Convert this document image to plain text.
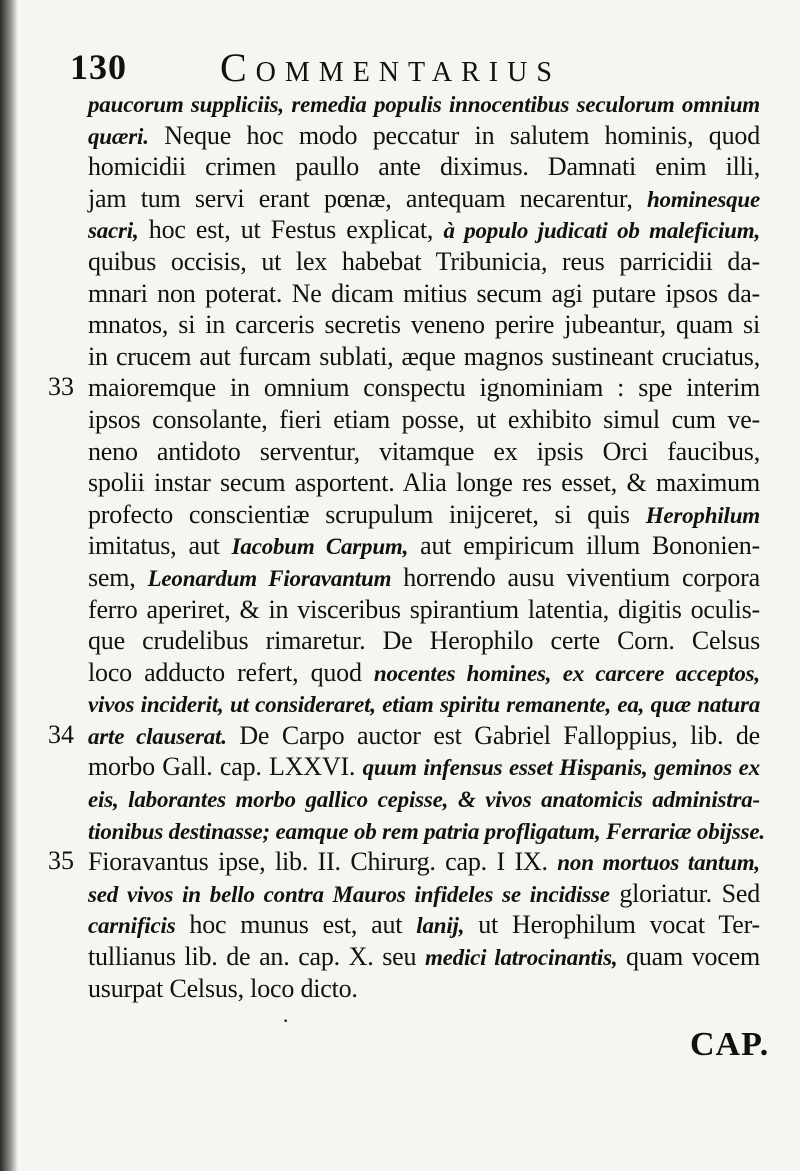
130 Commentarius
paucorum suppliciis, remedia populis innocentibus seculorum omnium
quæri. Neque hoc modo peccatur in salutem hominis, quod
homicidii crimen paullo ante diximus. Damnati enim illi,
jam tum servi erant pœnæ, antequam necarentur, hominesque
sacri, hoc est, ut Festus explicat, à populo judicati ob maleficium,
quibus occisis, ut lex habebat Tribunicia, reus parricidii da-
mnari non poterat. Ne dicam mitius secum agi putare ipsos da-
mnatos, si in carceris secretis veneno perire jubeantur, quam si
in crucem aut furcam sublati, æque magnos sustineant cruciatus,
maioremque in omnium conspectu ignominiam : spe interim
ipsos consolante, fieri etiam posse, ut exhibito simul cum ve-
neno antidoto serventur, vitamque ex ipsis Orci faucibus,
spolii instar secum asportent. Alia longe res esset, & maximum
profecto conscientiæ scrupulum inijceret, si quis Herophilum
imitatus, aut Iacobum Carpum, aut empiricum illum Bononien-
sem, Leonardum Fioravantum horrendo ausu viventium corpora
ferro aperiret, & in visceribus spirantium latentia, digitis oculis-
que crudelibus rimaretur. De Herophilo certe Corn. Celsus
loco adducto refert, quod nocentes homines, ex carcere acceptos,
vivos inciderit, ut consideraret, etiam spiritu remanente, ea, quæ natura
arte clauserat. De Carpo auctor est Gabriel Falloppius, lib. de
morbo Gall. cap. LXXVI. quum infensus esset Hispanis, geminos ex
eis, laborantes morbo gallico cepisse, & vivos anatomicis administra-
tionibus destinasse; eamque ob rem patria profligatum, Ferrariæ obijsse.
Fioravantus ipse, lib. II. Chirurg. cap. I IX. non mortuos tantum,
sed vivos in bello contra Mauros infideles se incidisse gloriatur. Sed
carnificis hoc munus est, aut lanij, ut Herophilum vocat Ter-
tullianus lib. de an. cap. X. seu medici latrocinantis, quam vocem
usurpat Celsus, loco dicto.
33
34
35
·
CAP.
